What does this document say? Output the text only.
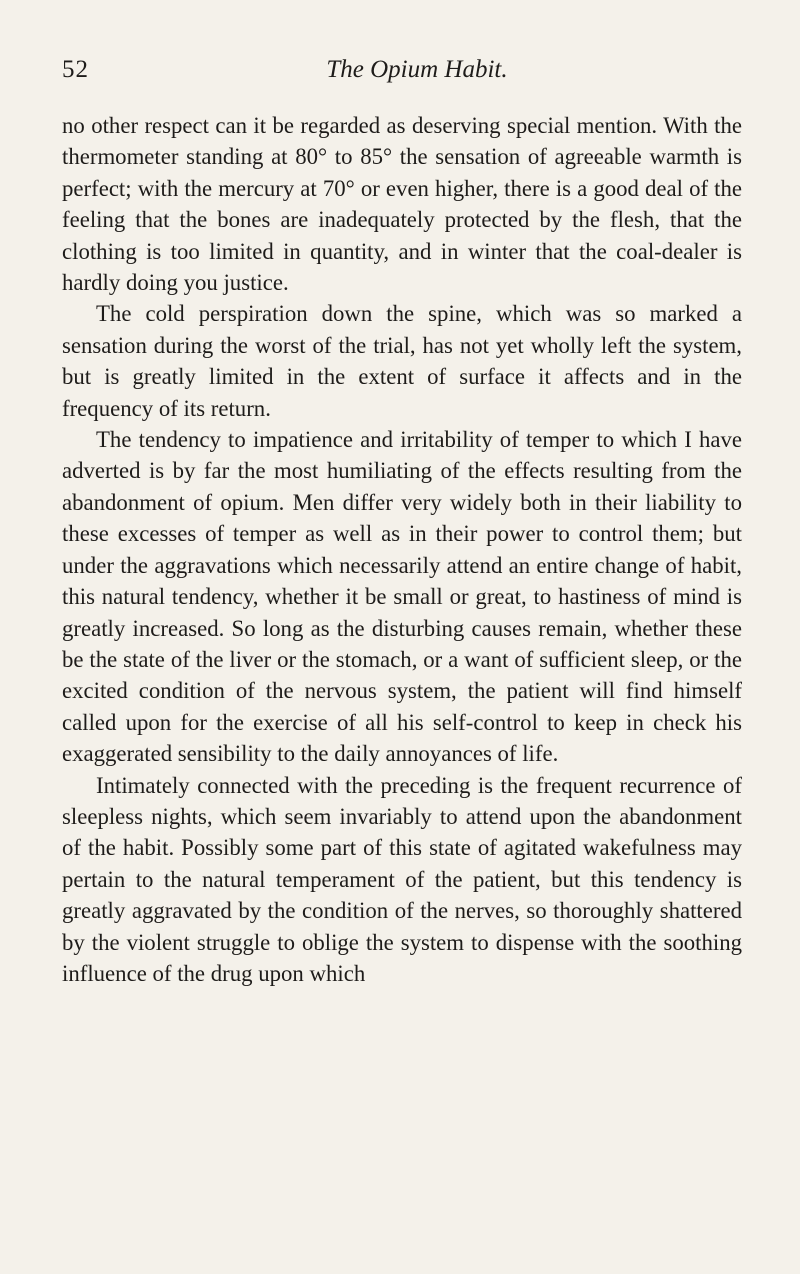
52	The Opium Habit.

no other respect can it be regarded as deserving special mention. With the thermometer standing at 80° to 85° the sensation of agreeable warmth is perfect; with the mercury at 70° or even higher, there is a good deal of the feeling that the bones are inadequately protected by the flesh, that the clothing is too limited in quantity, and in winter that the coal-dealer is hardly doing you justice.

The cold perspiration down the spine, which was so marked a sensation during the worst of the trial, has not yet wholly left the system, but is greatly limited in the extent of surface it affects and in the frequency of its return.

The tendency to impatience and irritability of temper to which I have adverted is by far the most humiliating of the effects resulting from the abandonment of opium. Men differ very widely both in their liability to these excesses of temper as well as in their power to control them; but under the aggravations which necessarily attend an entire change of habit, this natural tendency, whether it be small or great, to hastiness of mind is greatly increased. So long as the disturbing causes remain, whether these be the state of the liver or the stomach, or a want of sufficient sleep, or the excited condition of the nervous system, the patient will find himself called upon for the exercise of all his self-control to keep in check his exaggerated sensibility to the daily annoyances of life.

Intimately connected with the preceding is the frequent recurrence of sleepless nights, which seem invariably to attend upon the abandonment of the habit. Possibly some part of this state of agitated wakefulness may pertain to the natural temperament of the patient, but this tendency is greatly aggravated by the condition of the nerves, so thoroughly shattered by the violent struggle to oblige the system to dispense with the soothing influence of the drug upon which
